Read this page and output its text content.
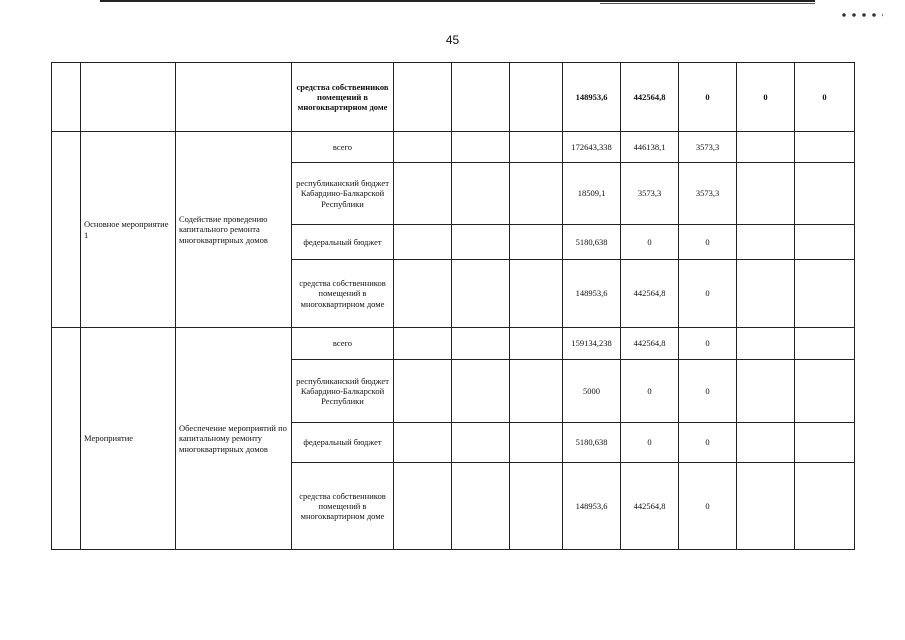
45
			средства собственников помещений в многоквартирном доме				148953,6	442564,8	0	0	0
	Основное мероприятие 1	Содействие проведению капитального ремонта многоквартирных домов	всего				172643,338	446138,1	3573,3		
			республиканский бюджет Кабардино-Балкарской Республики				18509,1	3573,3	3573,3		
			федеральный бюджет				5180,638	0	0		
			средства собственников помещений в многоквартирном доме				148953,6	442564,8	0		
	Мероприятие	Обеспечение мероприятий по капитальному ремонту многоквартирных домов	всего				159134,238	442564,8	0		
			республиканский бюджет Кабардино-Балкарской Республики				5000	0	0		
			федеральный бюджет				5180,638	0	0		
			средства собственников помещений в многоквартирном доме				148953,6	442564,8	0		
